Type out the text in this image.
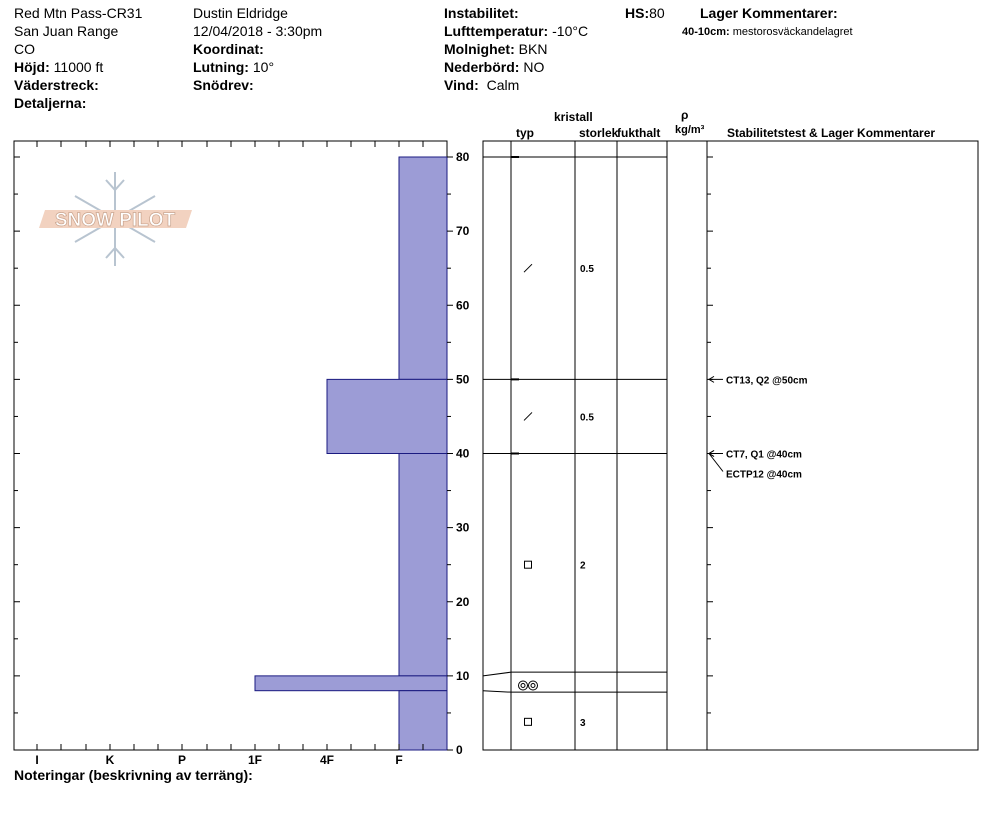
Red Mtn Pass-CR31
San Juan Range
CO
Höjd: 11000 ft
Väderstreck:
Detaljerna:
Dustin Eldridge
12/04/2018 - 3:30pm
Koordinat:
Lutning: 10°
Snödrev:
Instabilitet:
Lufttemperatur: -10°C
Molnighet: BKN
Nederbörd: NO
Vind: Calm
HS:80	Lager Kommentarer:
40-10cm: mestorosväckandelagret
kristall
typ	storlek
fukthalt
ρ
kg/m³ Stabilitetstest & Lager Kommentarer
Noteringar (beskrivning av terräng):
SNOW PILOT
I	K	P	1F	4F	F
0
10
20
30
40
50
60
70
80
0.5
0.5
2
3
CT13, Q2 @50cm
CT7, Q1 @40cm
ECTP12 @40cm
